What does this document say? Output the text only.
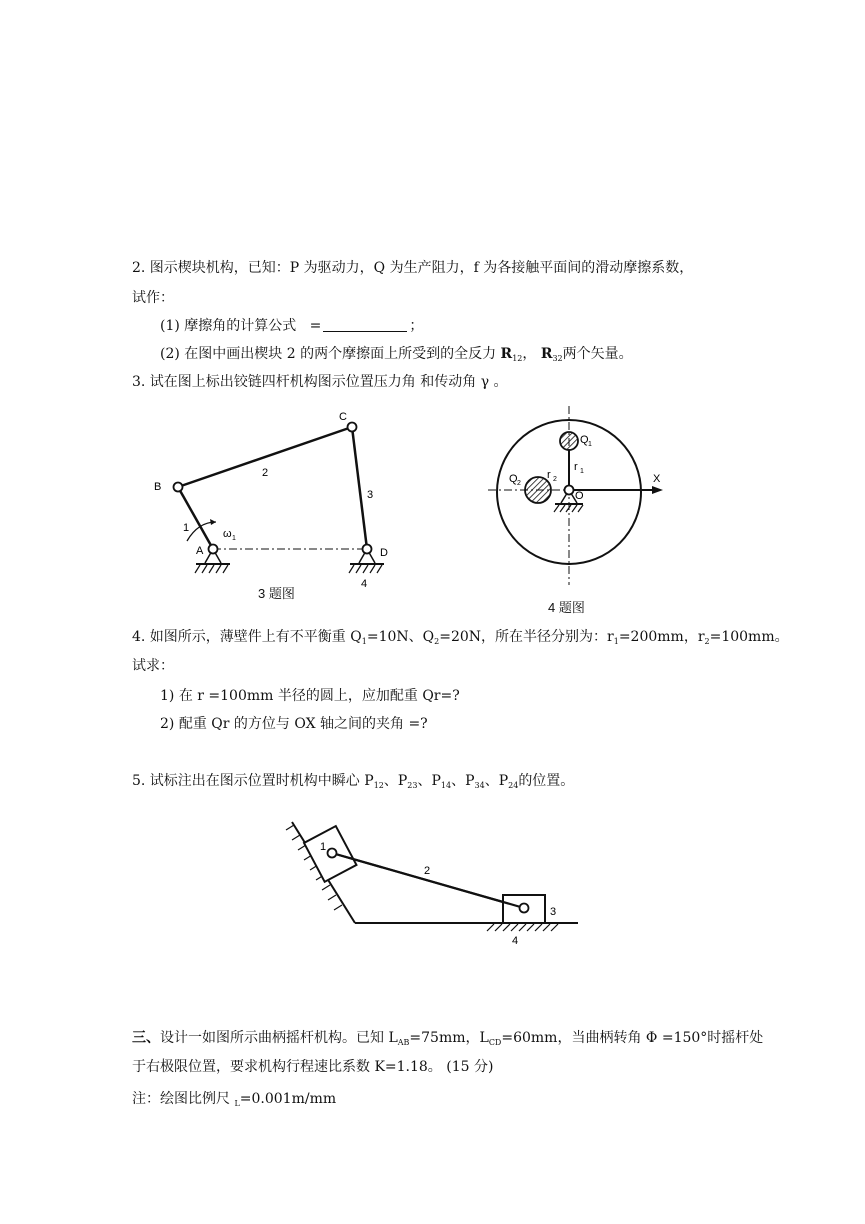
2. 图示楔块机构，已知：P 为驱动力，Q 为生产阻力，f 为各接触平面间的滑动摩擦系数，
试作：
(1) 摩擦角的计算公式 =	；
(2) 在图中画出楔块 2 的两个摩擦面上所受到的全反力 $R_{12}$， $R_{32}$两个矢量。
3. 试在图上标出铰链四杆机构图示位置压力角 和传动角 γ 。
B
C
A	D
1
2
3
4
ω 1
3 题图
Q 1
Q 2
r 1
r 2
O
X
4 题图
4. 如图所示，薄壁件上有不平衡重 $Q_1=10N$、$Q_2=20N$，所在半径分别为：$r_1=200mm$，$r_2=100mm$。
试求：
1) 在 r =100mm 半径的圆上，应加配重 Qr=?
2) 配重 Qr 的方位与 OX 轴之间的夹角 =?
5. 试标注出在图示位置时机构中瞬心 $P_{12}$、$P_{23}$、$P_{14}$、$P_{34}$、$P_{24}$的位置。
1
2
3
4
三、设计一如图所示曲柄摇杆机构。已知 $L_{AB}=75mm$，$L_{CD}=60mm$，当曲柄转角 Φ =150°时摇杆处
于右极限位置，要求机构行程速比系数 K=1.18。 (15 分)
注：绘图比例尺 $_L$=0.001m/mm
